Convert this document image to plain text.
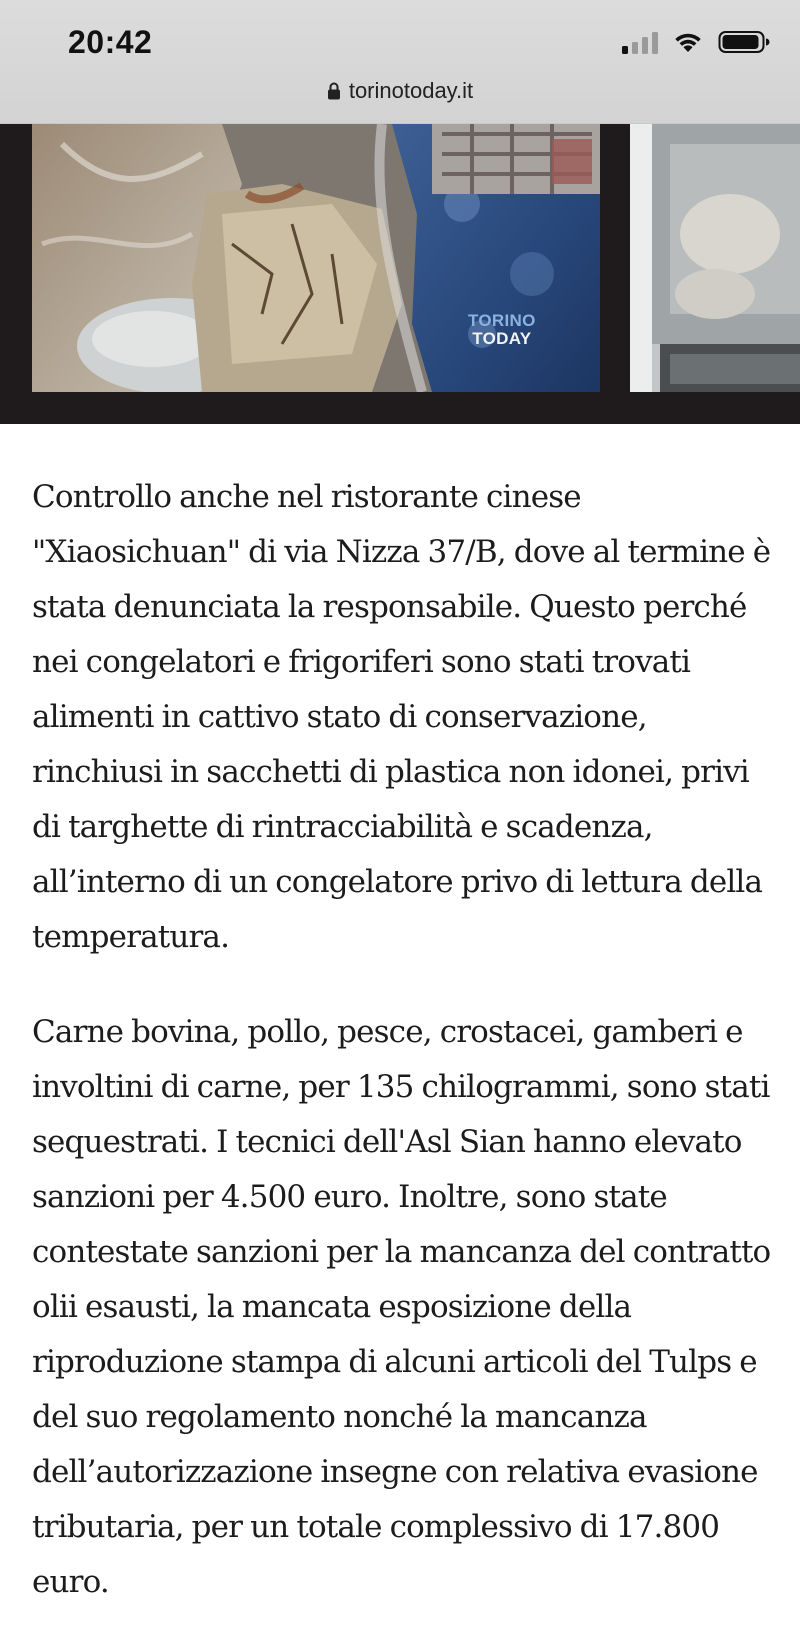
20:42
torinotoday.it
TORINO
TODAY

Controllo anche nel ristorante cinese "Xiaosichuan" di via Nizza 37/B, dove al termine è stata denunciata la responsabile. Questo perché nei congelatori e frigoriferi sono stati trovati alimenti in cattivo stato di conservazione, rinchiusi in sacchetti di plastica non idonei, privi di targhette di rintracciabilità e scadenza, all’interno di un congelatore privo di lettura della temperatura.

Carne bovina, pollo, pesce, crostacei, gamberi e involtini di carne, per 135 chilogrammi, sono stati sequestrati. I tecnici dell'Asl Sian hanno elevato sanzioni per 4.500 euro. Inoltre, sono state contestate sanzioni per la mancanza del contratto olii esausti, la mancata esposizione della riproduzione stampa di alcuni articoli del Tulps e del suo regolamento nonché la mancanza dell’autorizzazione insegne con relativa evasione tributaria, per un totale complessivo di 17.800 euro.
